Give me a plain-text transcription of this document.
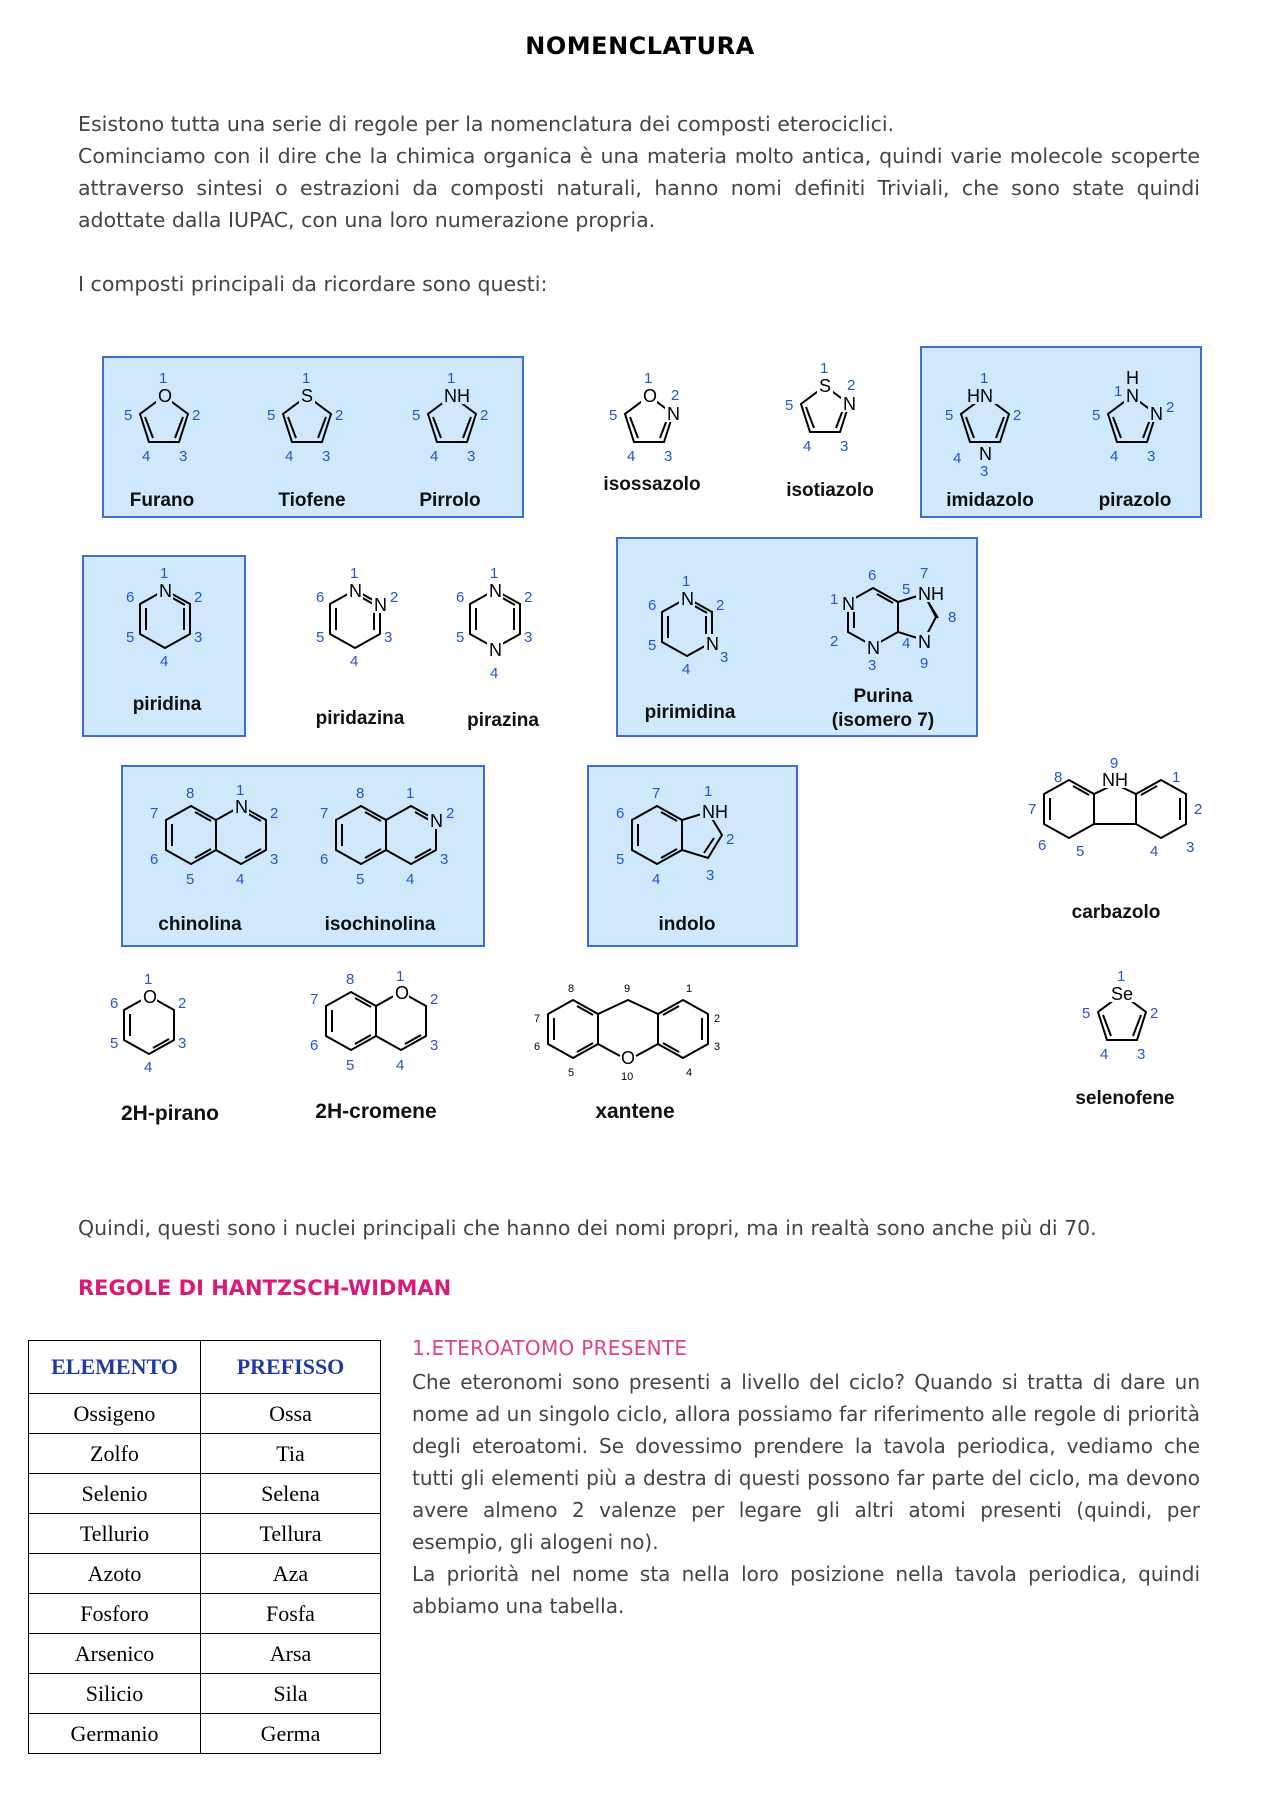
NOMENCLATURA

Esistono tutta una serie di regole per la nomenclatura dei composti eterociclici.

Cominciamo con il dire che la chimica organica è una materia molto antica, quindi varie molecole scoperte attraverso sintesi o estrazioni da composti naturali, hanno nomi definiti Triviali, che sono state quindi adottate dalla IUPAC, con una loro numerazione propria.

I composti principali da ricordare sono questi:

O
1
2
3
4
5
Furano
S
1
2
3
4
5
Tiofene
NH
1
2
3
4
5
Pirrolo
O
N
1
2
3
4
5
isossazolo
S
N
1
2
3
4
5
isotiazolo
HN
N
1
2
3
4
5
imidazolo
H
N
N
1
2
3
4
5
pirazolo
N
1
2
3
4
5
6
piridina
N
N
1
2
3
4
5
6
piridazina
N
N
1
2
3
4
5
6
pirazina
N
N
1
2
3
4
5
6
pirimidina
N
N
NH
N
1
2
3
4
5
6	7
8
9
Purina
(isomero 7)
N
1
2
3
4
5
6
7
8
chinolina
N
1
2
3
4
5
6
7
8
isochinolina
NH
1
2
3
4
5
6
7
indolo
NH
9
1
2
3
4
5
6
7
8
carbazolo
O
1
2
3
4
5
6
2H-pirano
O
1
2
3
4
5
6
7
8
2H-cromene
O
8	9	1
2
3
4
5
6
7
10
xantene
Se
1
2
3
4
5
selenofene

Quindi, questi sono i nuclei principali che hanno dei nomi propri, ma in realtà sono anche più di 70.

REGOLE DI HANTZSCH-WIDMAN
ELEMENTO	PREFISSO
Ossigeno	Ossa
Zolfo	Tia
Selenio	Selena
Tellurio	Tellura
Azoto	Aza
Fosforo	Fosfa
Arsenico	Arsa
Silicio	Sila
Germanio	Germa
1.ETEROATOMO PRESENTE

Che eteronomi sono presenti a livello del ciclo? Quando si tratta di dare un nome ad un singolo ciclo, allora possiamo far riferimento alle regole di priorità degli eteroatomi. Se dovessimo prendere la tavola periodica, vediamo che tutti gli elementi più a destra di questi possono far parte del ciclo, ma devono avere almeno 2 valenze per legare gli altri atomi presenti (quindi, per esempio, gli alogeni no).

La priorità nel nome sta nella loro posizione nella tavola periodica, quindi abbiamo una tabella.
